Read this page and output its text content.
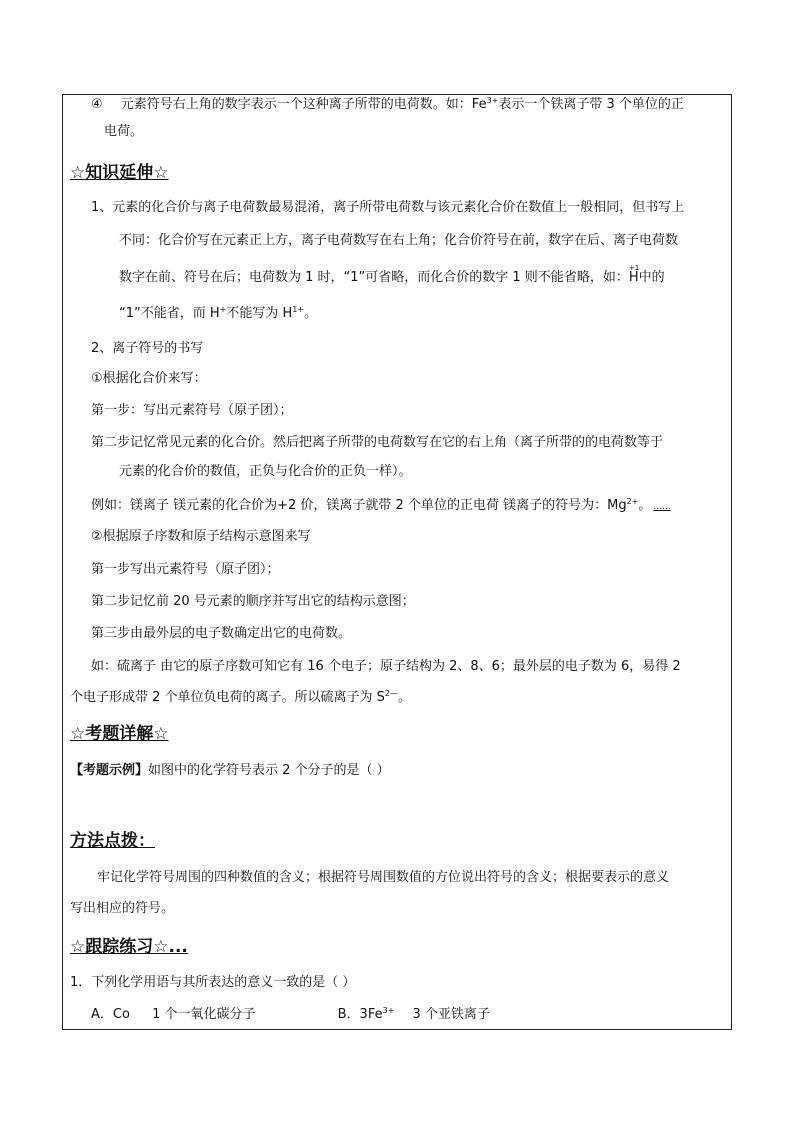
④ 元素符号右上角的数字表示一个这种离子所带的电荷数。如：$Fe^{3+}$表示一个铁离子带 3 个单位的正
电荷。
☆知识延伸☆
1、元素的化合价与离子电荷数最易混淆，离子所带电荷数与该元素化合价在数值上一般相同，但书写上
不同：化合价写在元素正上方，离子电荷数写在右上角；化合价符号在前，数字在后、离子电荷数
数字在前、符号在后；电荷数为 1 时，“1”可省略，而化合价的数字 1 则不能省略，如：
+1
H中的
“1”不能省，而 H+不能写为 $H^{1+}$。
2、离子符号的书写
①根据化合价来写：
第一步：写出元素符号（原子团）；
第二步记忆常见元素的化合价。然后把离子所带的电荷数写在它的右上角（离子所带的的电荷数等于
元素的化合价的数值，正负与化合价的正负一样）。
例如：镁离子 镁元素的化合价为+2 价，镁离子就带 2 个单位的正电荷 镁离子的符号为：$Mg^{2+}$。 ......
②根据原子序数和原子结构示意图来写
第一步写出元素符号（原子团）；
第二步记忆前 20 号元素的顺序并写出它的结构示意图；
第三步由最外层的电子数确定出它的电荷数。
如：硫离子 由它的原子序数可知它有 16 个电子；原子结构为 2、8、6；最外层的电子数为 6，易得 2
个电子形成带 2 个单位负电荷的离子。所以硫离子为 $S^{2—}$。
☆考题详解☆
【考题示例】如图中的化学符号表示 2 个分子的是（ ）
方法点拨：
牢记化学符号周围的四种数值的含义；根据符号周围数值的方位说出符号的含义；根据要表示的意义
写出相应的符号。
☆跟踪练习☆...
1．下列化学用语与其所表达的意义一致的是（ ）
A．Co 1 个一氧化碳分子	B．$3Fe^{3+}$ 3 个亚铁离子
